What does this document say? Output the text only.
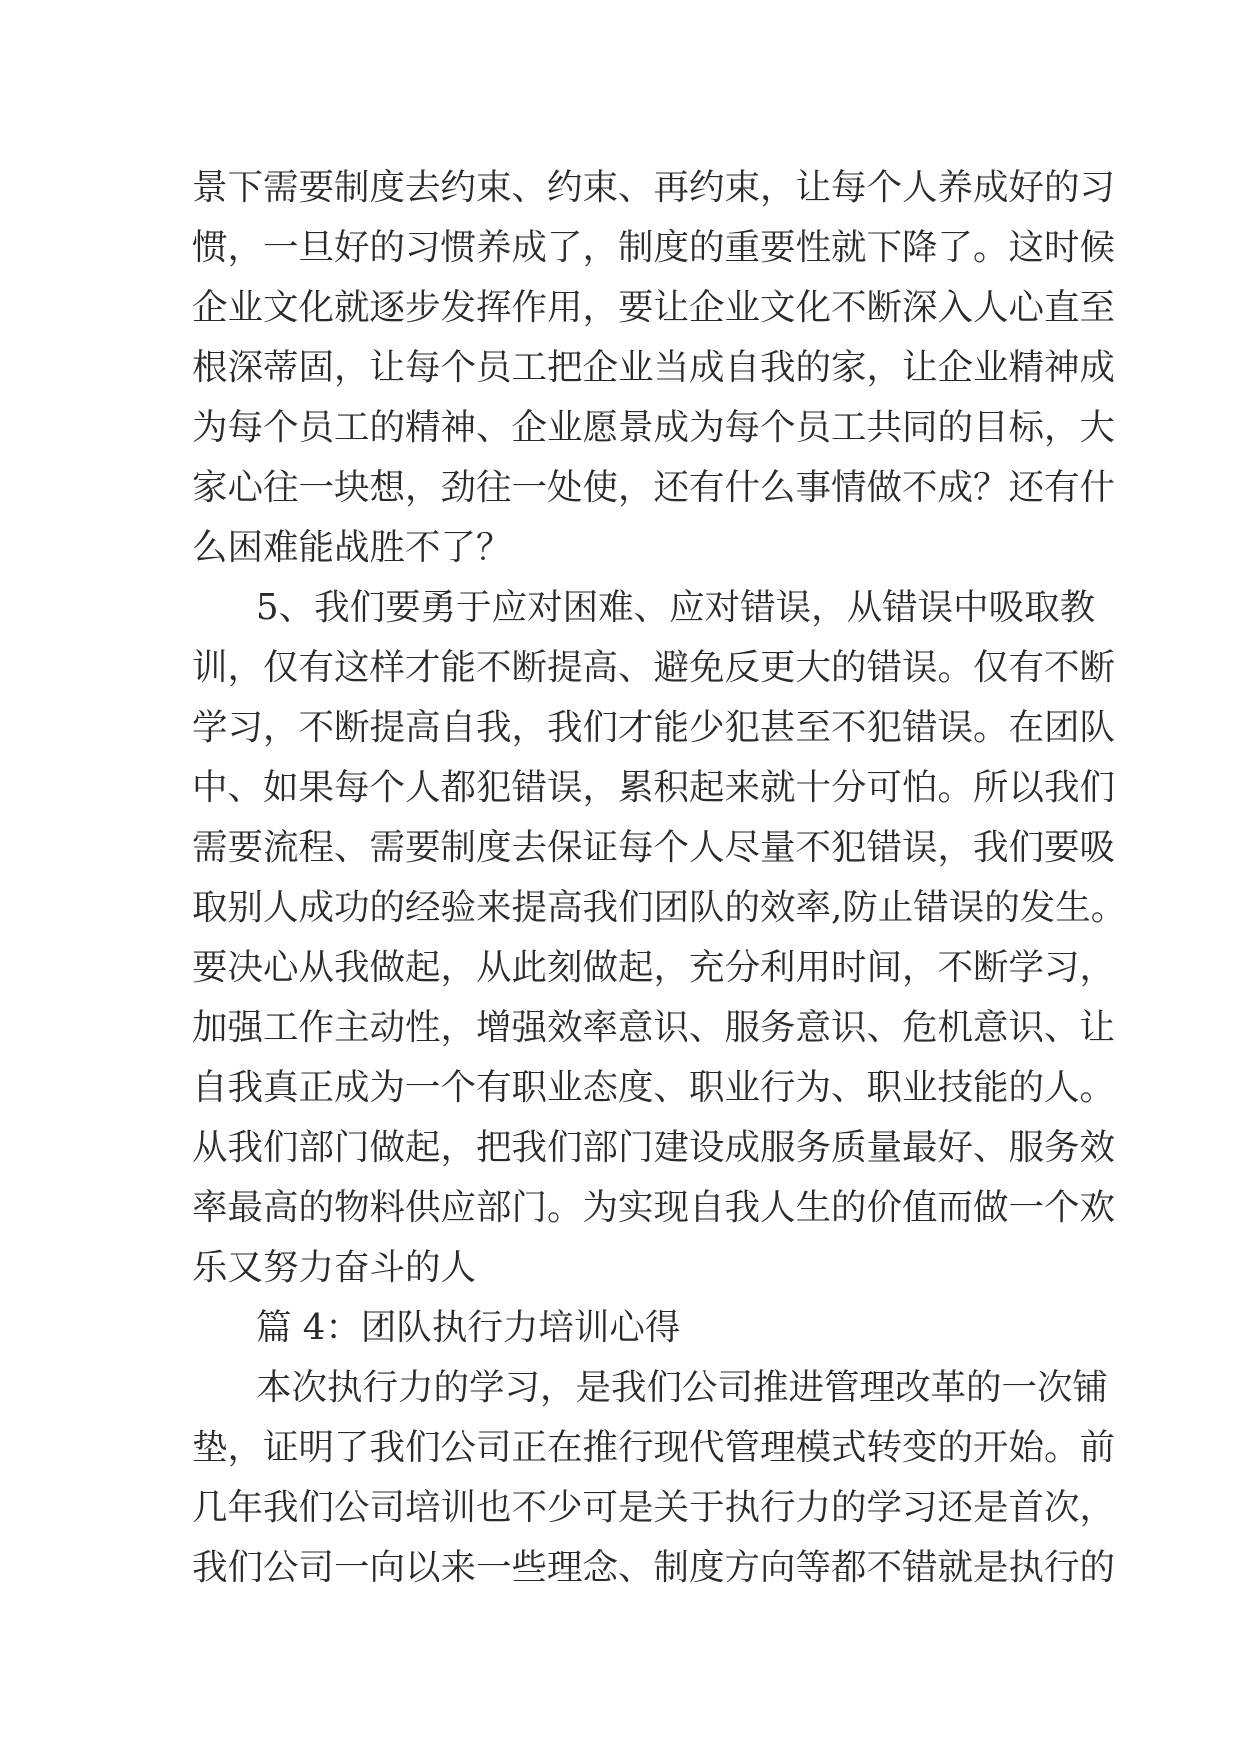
景下需要制度去约束、约束、再约束，让每个人养成好的习
惯，一旦好的习惯养成了，制度的重要性就下降了。这时候
企业文化就逐步发挥作用，要让企业文化不断深入人心直至
根深蒂固，让每个员工把企业当成自我的家，让企业精神成
为每个员工的精神、企业愿景成为每个员工共同的目标，大
家心往一块想，劲往一处使，还有什么事情做不成？还有什
么困难能战胜不了？
5、我们要勇于应对困难、应对错误，从错误中吸取教
训，仅有这样才能不断提高、避免反更大的错误。仅有不断
学习，不断提高自我，我们才能少犯甚至不犯错误。在团队
中、如果每个人都犯错误，累积起来就十分可怕。所以我们
需要流程、需要制度去保证每个人尽量不犯错误，我们要吸
取别人成功的经验来提高我们团队的效率,防止错误的发生。
要决心从我做起，从此刻做起，充分利用时间，不断学习，
加强工作主动性，增强效率意识、服务意识、危机意识、让
自我真正成为一个有职业态度、职业行为、职业技能的人。
从我们部门做起，把我们部门建设成服务质量最好、服务效
率最高的物料供应部门。为实现自我人生的价值而做一个欢
乐又努力奋斗的人
篇 4：团队执行力培训心得
本次执行力的学习，是我们公司推进管理改革的一次铺
垫，证明了我们公司正在推行现代管理模式转变的开始。前
几年我们公司培训也不少可是关于执行力的学习还是首次，
我们公司一向以来一些理念、制度方向等都不错就是执行的
